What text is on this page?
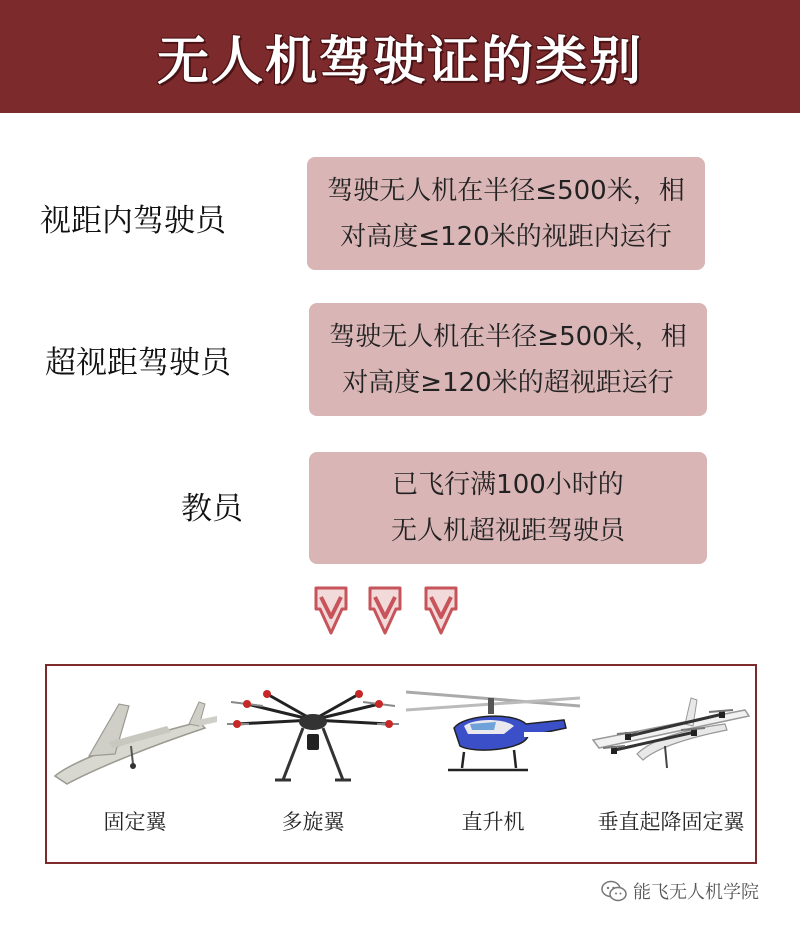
无人机驾驶证的类别
视距内驾驶员
驾驶无人机在半径≤500米，相
对高度≤120米的视距内运行
超视距驾驶员
驾驶无人机在半径≥500米，相
对高度≥120米的超视距运行
教员
已飞行满100小时的
无人机超视距驾驶员
固定翼	多旋翼	直升机	垂直起降固定翼
能飞无人机学院
